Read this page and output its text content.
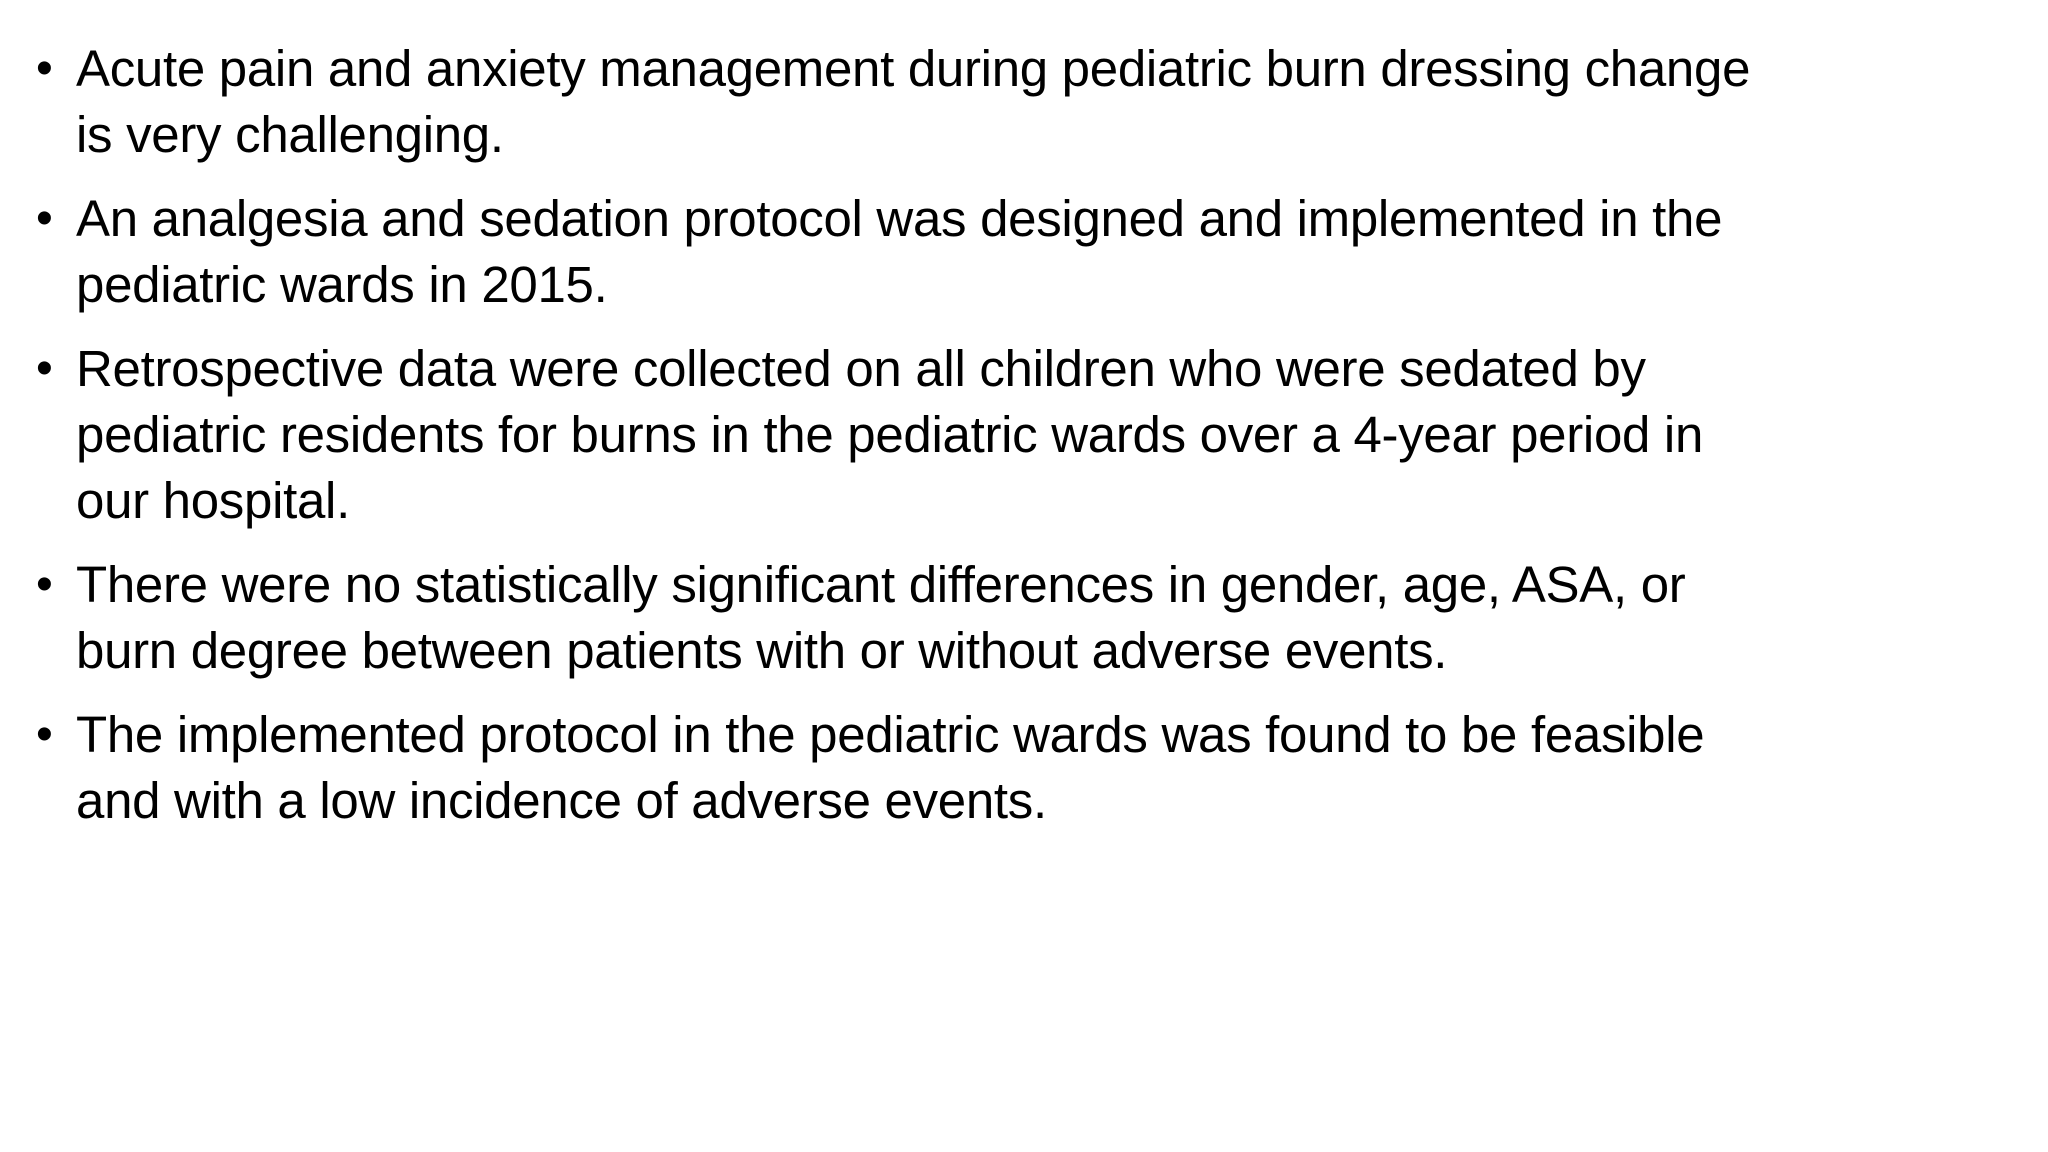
• Acute pain and anxiety management during pediatric burn dressing change
is very challenging.
• An analgesia and sedation protocol was designed and implemented in the
pediatric wards in 2015.
• Retrospective data were collected on all children who were sedated by
pediatric residents for burns in the pediatric wards over a 4-year period in
our hospital.
• There were no statistically significant differences in gender, age, ASA, or
burn degree between patients with or without adverse events.
• The implemented protocol in the pediatric wards was found to be feasible
and with a low incidence of adverse events.
